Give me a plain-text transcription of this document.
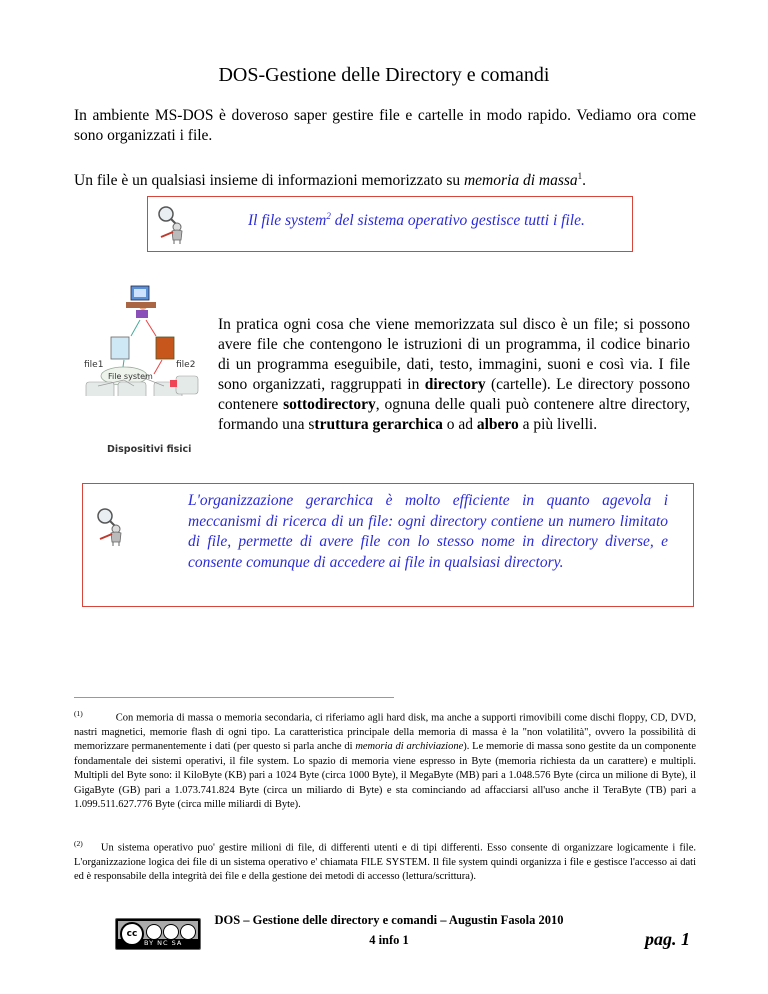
DOS-Gestione delle Directory e comandi

In ambiente MS-DOS è doveroso saper gestire file e cartelle in modo rapido. Vediamo ora come sono organizzati i file.

Un file è un qualsiasi insieme di informazioni memorizzato su memoria di massa$^1$.

Il file system$^2$ del sistema operativo gestisce tutti i file.
file1	file2
File system
Dispositivi fisici

In pratica ogni cosa che viene memorizzata sul disco è un file; si possono avere file che contengono le istruzioni di un programma, il codice binario di un programma eseguibile, dati, testo, immagini, suoni e così via. I file sono organizzati, raggruppati in directory (cartelle). Le directory possono contenere sottodirectory, ognuna delle quali può contenere altre directory, formando una struttura gerarchica o ad albero a più livelli.

L'organizzazione gerarchica è molto efficiente in quanto agevola i meccanismi di ricerca di un file: ogni directory contiene un numero limitato di file, permette di avere file con lo stesso nome in directory diverse, e consente comunque di accedere ai file in qualsiasi directory.
$^{(1)}$	Con memoria di massa o memoria secondaria, ci riferiamo agli hard disk, ma anche a supporti rimovibili come dischi floppy, CD, DVD, nastri magnetici, memorie flash di ogni tipo. La caratteristica principale della memoria di massa è la "non volatilità", ovvero la possibilità di memorizzare permanentemente i dati (per questo si parla anche di memoria di archiviazione). Le memorie di massa sono gestite da un componente fondamentale dei sistemi operativi, il file system. Lo spazio di memoria viene espresso in Byte (memoria richiesta da un carattere) e multipli. Multipli del Byte sono: il KiloByte (KB) pari a 1024 Byte (circa 1000 Byte), il MegaByte (MB) pari a 1.048.576 Byte (circa un milione di Byte), il GigaByte (GB) pari a 1.073.741.824 Byte (circa un miliardo di Byte) e sta cominciando ad affacciarsi all'uso anche il TeraByte (TB) pari a 1.099.511.627.776 Byte (circa mille miliardi di Byte).
$^{(2)}$ Un sistema operativo puo' gestire milioni di file, di differenti utenti e di tipi differenti. Esso consente di organizzare logicamente i file. L'organizzazione logica dei file di un sistema operativo e' chiamata FILE SYSTEM. Il file system quindi organizza i file e gestisce l'accesso ai dati ed è responsabile della integrità dei file e della gestione dei metodi di accesso (lettura/scrittura).
cc
BY NC SA
DOS – Gestione delle directory e comandi – Augustin Fasola 2010
4 info 1	pag. 1
